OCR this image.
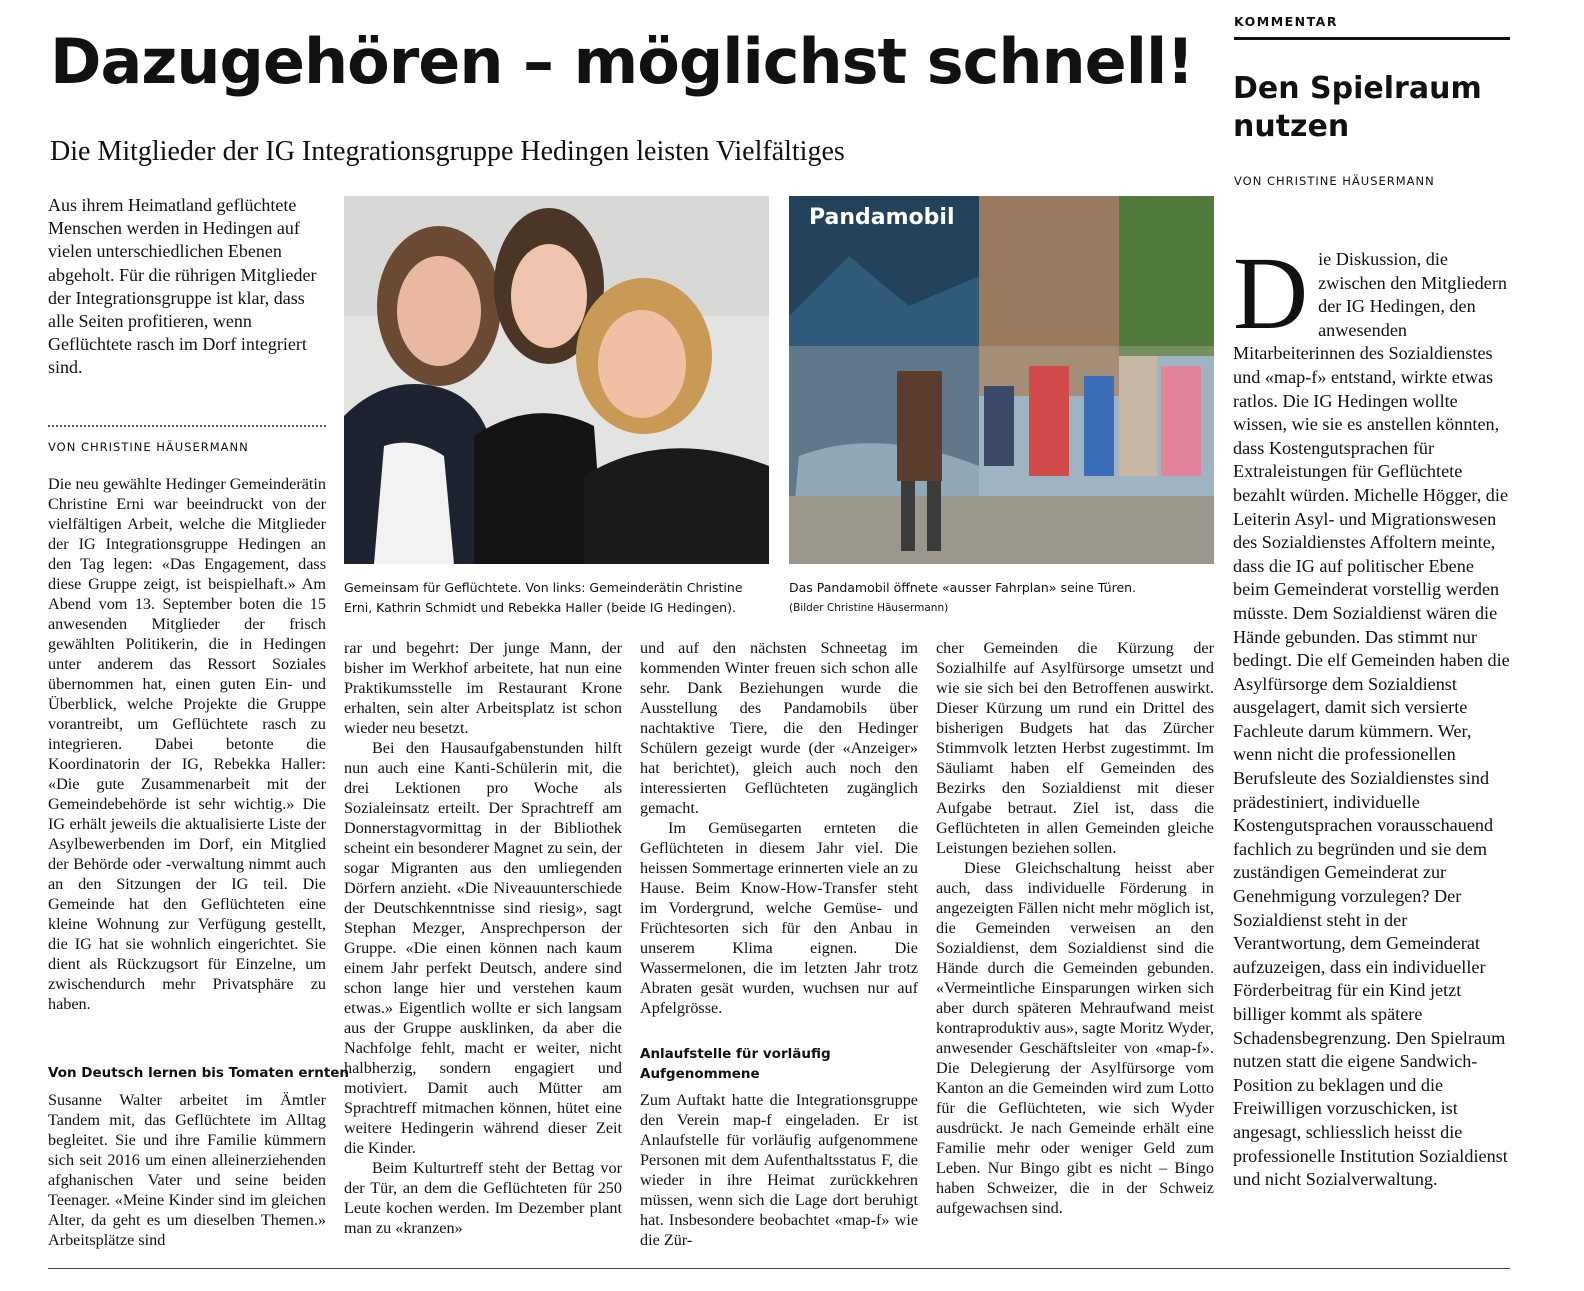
Dazugehören – möglichst schnell!
Die Mitglieder der IG Integrationsgruppe Hedingen leisten Vielfältiges

Aus ihrem Heimatland geflüchtete Menschen werden in Hedingen auf vielen unterschiedlichen Ebenen abgeholt. Für die rührigen Mitglieder der Integrationsgruppe ist klar, dass alle Seiten profitieren, wenn Geflüchtete rasch im Dorf integriert sind.

VON CHRISTINE HÄUSERMANN

Die neu gewählte Hedinger Gemeinderätin Christine Erni war beeindruckt von der vielfältigen Arbeit, welche die Mitglieder der IG Integrationsgruppe Hedingen an den Tag legen: «Das Engagement, dass diese Gruppe zeigt, ist beispielhaft.» Am Abend vom 13. September boten die 15 anwesenden Mitglieder der frisch gewählten Politikerin, die in Hedingen unter anderem das Ressort Soziales übernommen hat, einen guten Ein- und Überblick, welche Projekte die Gruppe vorantreibt, um Geflüchtete rasch zu integrieren. Dabei betonte die Koordinatorin der IG, Rebekka Haller: «Die gute Zusammenarbeit mit der Gemeindebehörde ist sehr wichtig.» Die IG erhält jeweils die aktualisierte Liste der Asylbewerbenden im Dorf, ein Mitglied der Behörde oder -verwaltung nimmt auch an den Sitzungen der IG teil. Die Gemeinde hat den Geflüchteten eine kleine Wohnung zur Verfügung gestellt, die IG hat sie wohnlich eingerichtet. Sie dient als Rückzugsort für Einzelne, um zwischendurch mehr Privatsphäre zu haben.

Von Deutsch lernen bis Tomaten ernten

Susanne Walter arbeitet im Ämtler Tandem mit, das Geflüchtete im Alltag begleitet. Sie und ihre Familie kümmern sich seit 2016 um einen alleinerziehenden afghanischen Vater und seine beiden Teenager. «Meine Kinder sind im gleichen Alter, da geht es um dieselben Themen.» Arbeitsplätze sind

Pandamobil
Gemeinsam für Geflüchtete. Von links: Gemeinderätin Christine
Erni, Kathrin Schmidt und Rebekka Haller (beide IG Hedingen).
Das Pandamobil öffnete «ausser Fahrplan» seine Türen.
(Bilder Christine Häusermann)

rar und begehrt: Der junge Mann, der bisher im Werkhof arbeitete, hat nun eine Praktikumsstelle im Restaurant Krone erhalten, sein alter Arbeitsplatz ist schon wieder neu besetzt.

Bei den Hausaufgabenstunden hilft nun auch eine Kanti-Schülerin mit, die drei Lektionen pro Woche als Sozialeinsatz erteilt. Der Sprachtreff am Donnerstagvormittag in der Bibliothek scheint ein besonderer Magnet zu sein, der sogar Migranten aus den umliegenden Dörfern anzieht. «Die Niveauunterschiede der Deutschkenntnisse sind riesig», sagt Stephan Mezger, Ansprechperson der Gruppe. «Die einen können nach kaum einem Jahr perfekt Deutsch, andere sind schon lange hier und verstehen kaum etwas.» Eigentlich wollte er sich langsam aus der Gruppe ausklinken, da aber die Nachfolge fehlt, macht er weiter, nicht halbherzig, sondern engagiert und motiviert. Damit auch Mütter am Sprachtreff mitmachen können, hütet eine weitere Hedingerin während dieser Zeit die Kinder.

Beim Kulturtreff steht der Bettag vor der Tür, an dem die Geflüchteten für 250 Leute kochen werden. Im Dezember plant man zu «kranzen»

und auf den nächsten Schneetag im kommenden Winter freuen sich schon alle sehr. Dank Beziehungen wurde die Ausstellung des Pandamobils über nachtaktive Tiere, die den Hedinger Schülern gezeigt wurde (der «Anzeiger» hat berichtet), gleich auch noch den interessierten Geflüchteten zugänglich gemacht.

Im Gemüsegarten ernteten die Geflüchteten in diesem Jahr viel. Die heissen Sommertage erinnerten viele an zu Hause. Beim Know-How-Transfer steht im Vordergrund, welche Gemüse- und Früchtesorten sich für den Anbau in unserem Klima eignen. Die Wassermelonen, die im letzten Jahr trotz Abraten gesät wurden, wuchsen nur auf Apfelgrösse.

Anlaufstelle für vorläufig Aufgenommene

Zum Auftakt hatte die Integrationsgruppe den Verein map-f eingeladen. Er ist Anlaufstelle für vorläufig aufgenommene Personen mit dem Aufenthaltsstatus F, die wieder in ihre Heimat zurückkehren müssen, wenn sich die Lage dort beruhigt hat. Insbesondere beobachtet «map-f» wie die Zür-

cher Gemeinden die Kürzung der Sozialhilfe auf Asylfürsorge umsetzt und wie sie sich bei den Betroffenen auswirkt. Dieser Kürzung um rund ein Drittel des bisherigen Budgets hat das Zürcher Stimmvolk letzten Herbst zugestimmt. Im Säuliamt haben elf Gemeinden des Bezirks den Sozialdienst mit dieser Aufgabe betraut. Ziel ist, dass die Geflüchteten in allen Gemeinden gleiche Leistungen beziehen sollen.

Diese Gleichschaltung heisst aber auch, dass individuelle Förderung in angezeigten Fällen nicht mehr möglich ist, die Gemeinden verweisen an den Sozialdienst, dem Sozialdienst sind die Hände durch die Gemeinden gebunden. «Vermeintliche Einsparungen wirken sich aber durch späteren Mehraufwand meist kontraproduktiv aus», sagte Moritz Wyder, anwesender Geschäftsleiter von «map-f». Die Delegierung der Asylfürsorge vom Kanton an die Gemeinden wird zum Lotto für die Geflüchteten, wie sich Wyder ausdrückt. Je nach Gemeinde erhält eine Familie mehr oder weniger Geld zum Leben. Nur Bingo gibt es nicht – Bingo haben Schweizer, die in der Schweiz aufgewachsen sind.

KOMMENTAR
Den Spielraum nutzen
VON CHRISTINE HÄUSERMANN
D ie Diskussion, die zwischen den Mitgliedern der IG Hedingen, den anwesenden Mitarbeiterinnen des Sozialdienstes und «map-f» entstand, wirkte etwas ratlos. Die IG Hedingen wollte wissen, wie sie es anstellen könnten, dass Kostengutsprachen für Extraleistungen für Geflüchtete bezahlt würden. Michelle Högger, die Leiterin Asyl- und Migrationswesen des Sozialdienstes Affoltern meinte, dass die IG auf politischer Ebene beim Gemeinderat vorstellig werden müsste. Dem Sozialdienst wären die Hände gebunden. Das stimmt nur bedingt. Die elf Gemeinden haben die Asylfürsorge dem Sozialdienst ausgelagert, damit sich versierte Fachleute darum kümmern. Wer, wenn nicht die professionellen Berufsleute des Sozialdienstes sind prädestiniert, individuelle Kostengutsprachen vorausschauend fachlich zu begründen und sie dem zuständigen Gemeinderat zur Genehmigung vorzulegen? Der Sozialdienst steht in der Verantwortung, dem Gemeinderat aufzuzeigen, dass ein individueller Förderbeitrag für ein Kind jetzt billiger kommt als spätere Schadensbegrenzung. Den Spielraum nutzen statt die eigene Sandwich-Position zu beklagen und die Freiwilligen vorzuschicken, ist angesagt, schliesslich heisst die professionelle Institution Sozialdienst und nicht Sozialverwaltung.
